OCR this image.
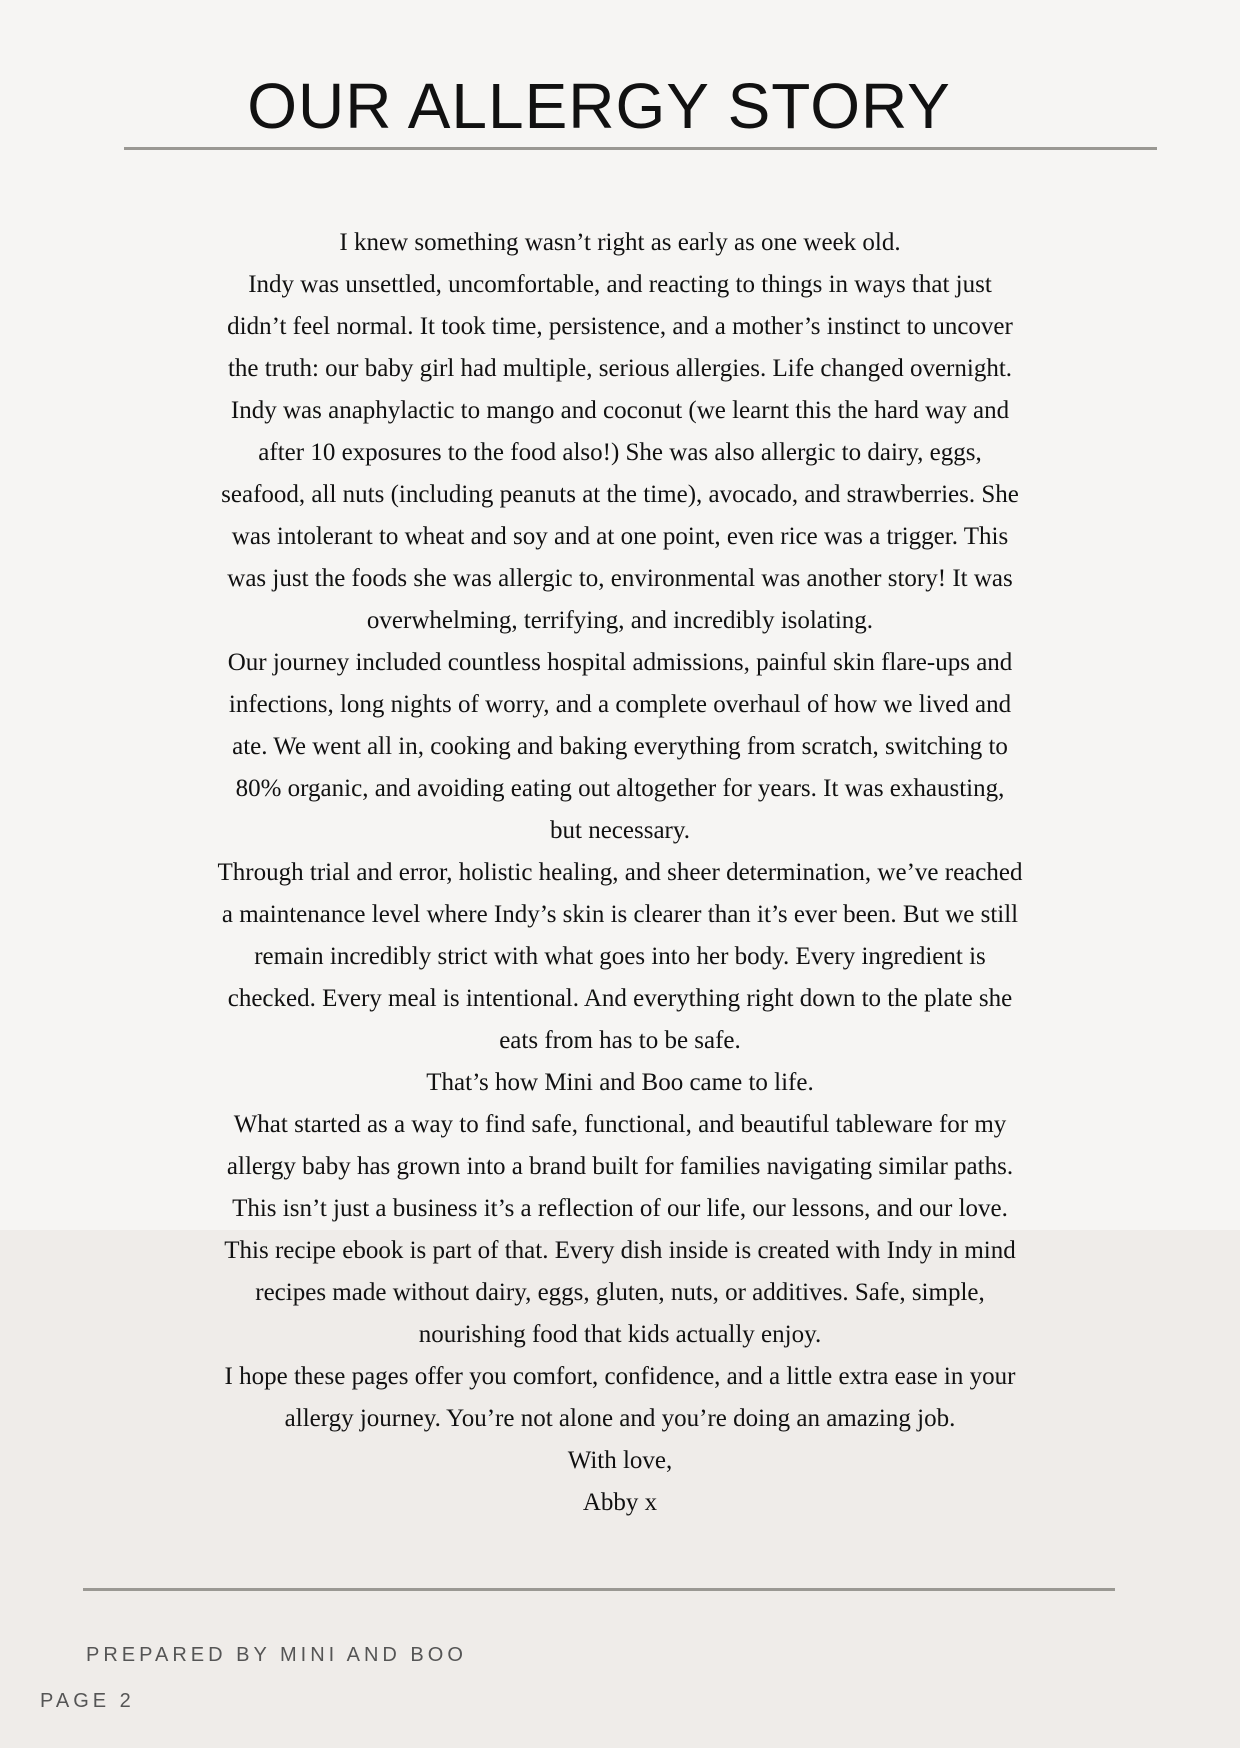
OUR ALLERGY STORY
I knew something wasn’t right as early as one week old.
Indy was unsettled, uncomfortable, and reacting to things in ways that just
didn’t feel normal. It took time, persistence, and a mother’s instinct to uncover
the truth: our baby girl had multiple, serious allergies. Life changed overnight.
Indy was anaphylactic to mango and coconut (we learnt this the hard way and
after 10 exposures to the food also!) She was also allergic to dairy, eggs,
seafood, all nuts (including peanuts at the time), avocado, and strawberries. She
was intolerant to wheat and soy and at one point, even rice was a trigger. This
was just the foods she was allergic to, environmental was another story! It was
overwhelming, terrifying, and incredibly isolating.
Our journey included countless hospital admissions, painful skin flare-ups and
infections, long nights of worry, and a complete overhaul of how we lived and
ate. We went all in, cooking and baking everything from scratch, switching to
80% organic, and avoiding eating out altogether for years. It was exhausting,
but necessary.
Through trial and error, holistic healing, and sheer determination, we’ve reached
a maintenance level where Indy’s skin is clearer than it’s ever been. But we still
remain incredibly strict with what goes into her body. Every ingredient is
checked. Every meal is intentional. And everything right down to the plate she
eats from has to be safe.
That’s how Mini and Boo came to life.
What started as a way to find safe, functional, and beautiful tableware for my
allergy baby has grown into a brand built for families navigating similar paths.
This isn’t just a business it’s a reflection of our life, our lessons, and our love.
This recipe ebook is part of that. Every dish inside is created with Indy in mind
recipes made without dairy, eggs, gluten, nuts, or additives. Safe, simple,
nourishing food that kids actually enjoy.
I hope these pages offer you comfort, confidence, and a little extra ease in your
allergy journey. You’re not alone and you’re doing an amazing job.
With love,
Abby x
PREPARED BY MINI AND BOO
PAGE 2
